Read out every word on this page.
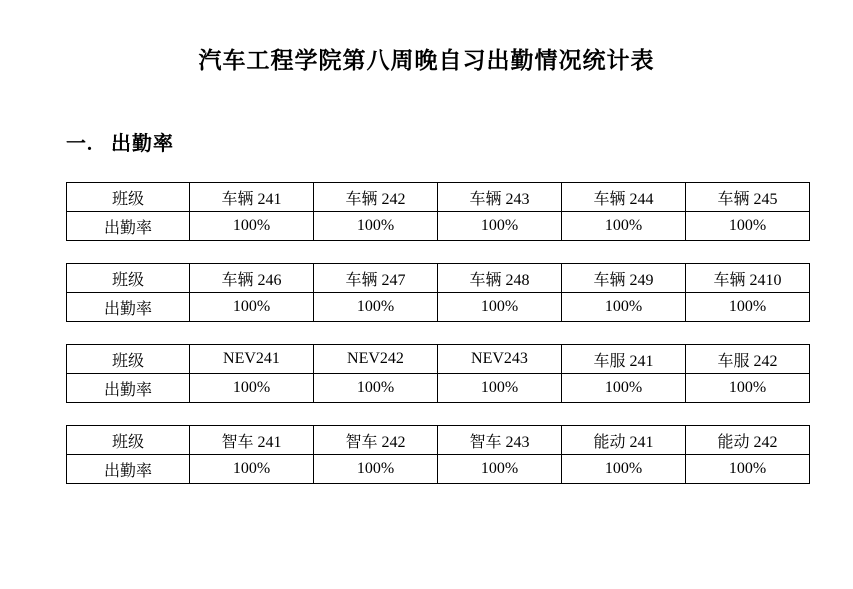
汽车工程学院第八周晚自习出勤情况统计表
一. 出勤率
班级	车辆 241	车辆 242	车辆 243	车辆 244	车辆 245
出勤率	100%	100%	100%	100%	100%
班级	车辆 246	车辆 247	车辆 248	车辆 249	车辆 2410
出勤率	100%	100%	100%	100%	100%
班级	NEV241	NEV242	NEV243	车服 241	车服 242
出勤率	100%	100%	100%	100%	100%
班级	智车 241	智车 242	智车 243	能动 241	能动 242
出勤率	100%	100%	100%	100%	100%
